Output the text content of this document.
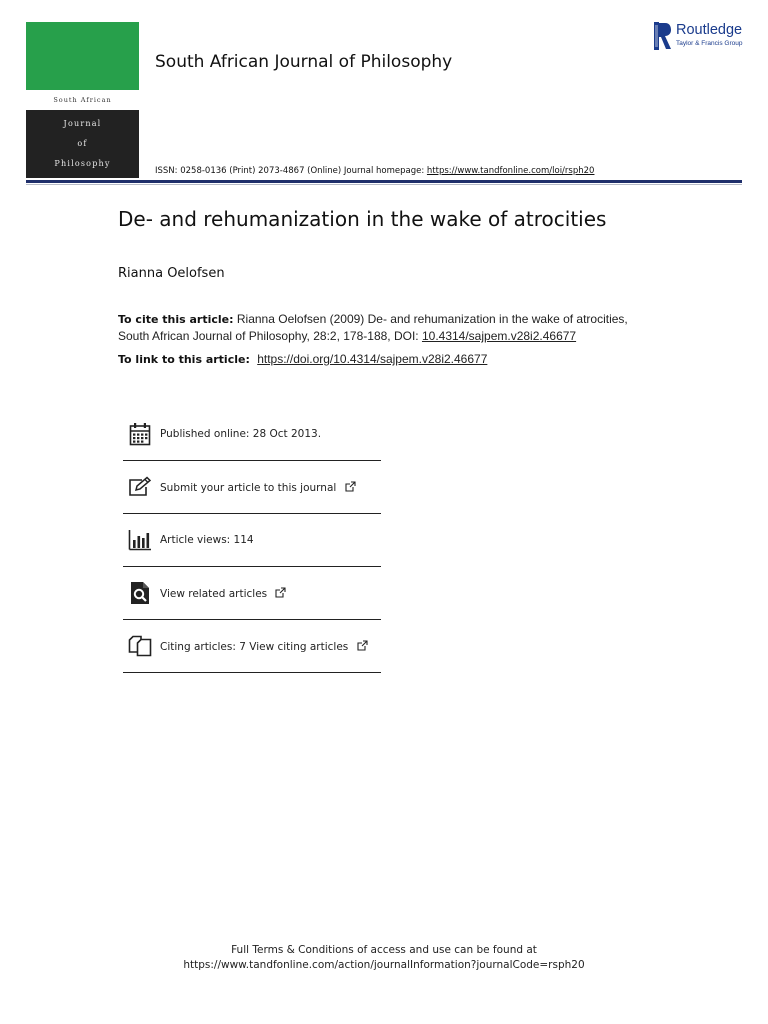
South African
Journal
of
Philosophy
South African Journal of Philosophy
ISSN: 0258-0136 (Print) 2073-4867 (Online) Journal homepage: https://www.tandfonline.com/loi/rsph20
Routledge
Taylor & Francis Group
De- and rehumanization in the wake of atrocities
Rianna Oelofsen
To cite this article: Rianna Oelofsen (2009) De- and rehumanization in the wake of atrocities, South African Journal of Philosophy, 28:2, 178-188, DOI: 10.4314/sajpem.v28i2.46677
To link to this article: https://doi.org/10.4314/sajpem.v28i2.46677
Published online: 28 Oct 2013.
Submit your article to this journal
Article views: 114
View related articles
Citing articles: 7 View citing articles
Full Terms & Conditions of access and use can be found at
https://www.tandfonline.com/action/journalInformation?journalCode=rsph20
